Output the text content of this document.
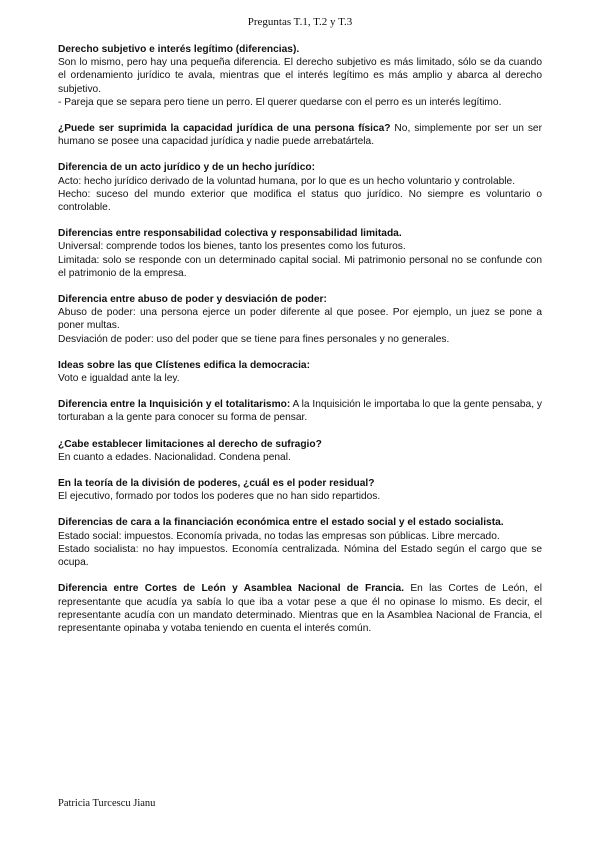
Preguntas T.1, T.2 y T.3

Derecho subjetivo e interés legítimo (diferencias).

Son lo mismo, pero hay una pequeña diferencia. El derecho subjetivo es más limitado, sólo se da cuando el ordenamiento jurídico te avala, mientras que el interés legítimo es más amplio y abarca al derecho subjetivo.

- Pareja que se separa pero tiene un perro. El querer quedarse con el perro es un interés legítimo.

¿Puede ser suprimida la capacidad jurídica de una persona física? No, simplemente por ser un ser humano se posee una capacidad jurídica y nadie puede arrebatártela.

Diferencia de un acto jurídico y de un hecho jurídico:

Acto: hecho jurídico derivado de la voluntad humana, por lo que es un hecho voluntario y controlable.

Hecho: suceso del mundo exterior que modifica el status quo jurídico. No siempre es voluntario o controlable.

Diferencias entre responsabilidad colectiva y responsabilidad limitada.

Universal: comprende todos los bienes, tanto los presentes como los futuros.

Limitada: solo se responde con un determinado capital social. Mi patrimonio personal no se confunde con el patrimonio de la empresa.

Diferencia entre abuso de poder y desviación de poder:

Abuso de poder: una persona ejerce un poder diferente al que posee. Por ejemplo, un juez se pone a poner multas.

Desviación de poder: uso del poder que se tiene para fines personales y no generales.

Ideas sobre las que Clístenes edifica la democracia:

Voto e igualdad ante la ley.

Diferencia entre la Inquisición y el totalitarismo: A la Inquisición le importaba lo que la gente pensaba, y torturaban a la gente para conocer su forma de pensar.

¿Cabe establecer limitaciones al derecho de sufragio?

En cuanto a edades. Nacionalidad. Condena penal.

En la teoría de la división de poderes, ¿cuál es el poder residual?

El ejecutivo, formado por todos los poderes que no han sido repartidos.

Diferencias de cara a la financiación económica entre el estado social y el estado socialista.

Estado social: impuestos. Economía privada, no todas las empresas son públicas. Libre mercado.

Estado socialista: no hay impuestos. Economía centralizada. Nómina del Estado según el cargo que se ocupa.

Diferencia entre Cortes de León y Asamblea Nacional de Francia. En las Cortes de León, el representante que acudía ya sabía lo que iba a votar pese a que él no opinase lo mismo. Es decir, el representante acudía con un mandato determinado. Mientras que en la Asamblea Nacional de Francia, el representante opinaba y votaba teniendo en cuenta el interés común.

Patricia Turcescu Jianu
